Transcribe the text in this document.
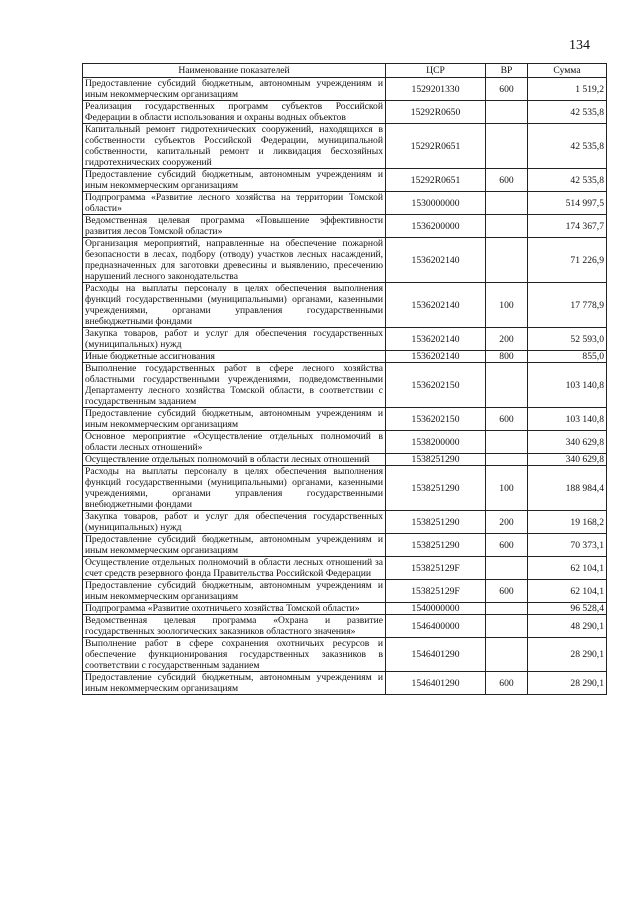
134
Наименование показателей	ЦСР	ВР	Сумма
Предоставление субсидий бюджетным, автономным учреждениям и иным некоммерческим организациям	1529201330	600	1 519,2
Реализация государственных программ субъектов Российской Федерации в области использования и охраны водных объектов	15292R0650		42 535,8
Капитальный ремонт гидротехнических сооружений, находящихся в собственности субъектов Российской Федерации, муниципальной собственности, капитальный ремонт и ликвидация бесхозяйных гидротехнических сооружений	15292R0651		42 535,8
Предоставление субсидий бюджетным, автономным учреждениям и иным некоммерческим организациям	15292R0651	600	42 535,8
Подпрограмма «Развитие лесного хозяйства на территории Томской области»	1530000000		514 997,5
Ведомственная целевая программа «Повышение эффективности развития лесов Томской области»	1536200000		174 367,7
Организация мероприятий, направленные на обеспечение пожарной безопасности в лесах, подбору (отводу) участков лесных насаждений, предназначенных для заготовки древесины и выявлению, пресечению нарушений лесного законодательства	1536202140		71 226,9
Расходы на выплаты персоналу в целях обеспечения выполнения функций государственными (муниципальными) органами, казенными учреждениями, органами управления государственными внебюджетными фондами	1536202140	100	17 778,9
Закупка товаров, работ и услуг для обеспечения государственных (муниципальных) нужд	1536202140	200	52 593,0
Иные бюджетные ассигнования	1536202140	800	855,0
Выполнение государственных работ в сфере лесного хозяйства областными государственными учреждениями, подведомственными Департаменту лесного хозяйства Томской области, в соответствии с государственным заданием	1536202150		103 140,8
Предоставление субсидий бюджетным, автономным учреждениям и иным некоммерческим организациям	1536202150	600	103 140,8
Основное мероприятие «Осуществление отдельных полномочий в области лесных отношений»	1538200000		340 629,8
Осуществление отдельных полномочий в области лесных отношений	1538251290		340 629,8
Расходы на выплаты персоналу в целях обеспечения выполнения функций государственными (муниципальными) органами, казенными учреждениями, органами управления государственными внебюджетными фондами	1538251290	100	188 984,4
Закупка товаров, работ и услуг для обеспечения государственных (муниципальных) нужд	1538251290	200	19 168,2
Предоставление субсидий бюджетным, автономным учреждениям и иным некоммерческим организациям	1538251290	600	70 373,1
Осуществление отдельных полномочий в области лесных отношений за счет средств резервного фонда Правительства Российской Федерации	153825129F		62 104,1
Предоставление субсидий бюджетным, автономным учреждениям и иным некоммерческим организациям	153825129F	600	62 104,1
Подпрограмма «Развитие охотничьего хозяйства Томской области»	1540000000		96 528,4
Ведомственная целевая программа «Охрана и развитие государственных зоологических заказников областного значения»	1546400000		48 290,1
Выполнение работ в сфере сохранения охотничьих ресурсов и обеспечение функционирования государственных заказников в соответствии с государственным заданием	1546401290		28 290,1
Предоставление субсидий бюджетным, автономным учреждениям и иным некоммерческим организациям	1546401290	600	28 290,1
